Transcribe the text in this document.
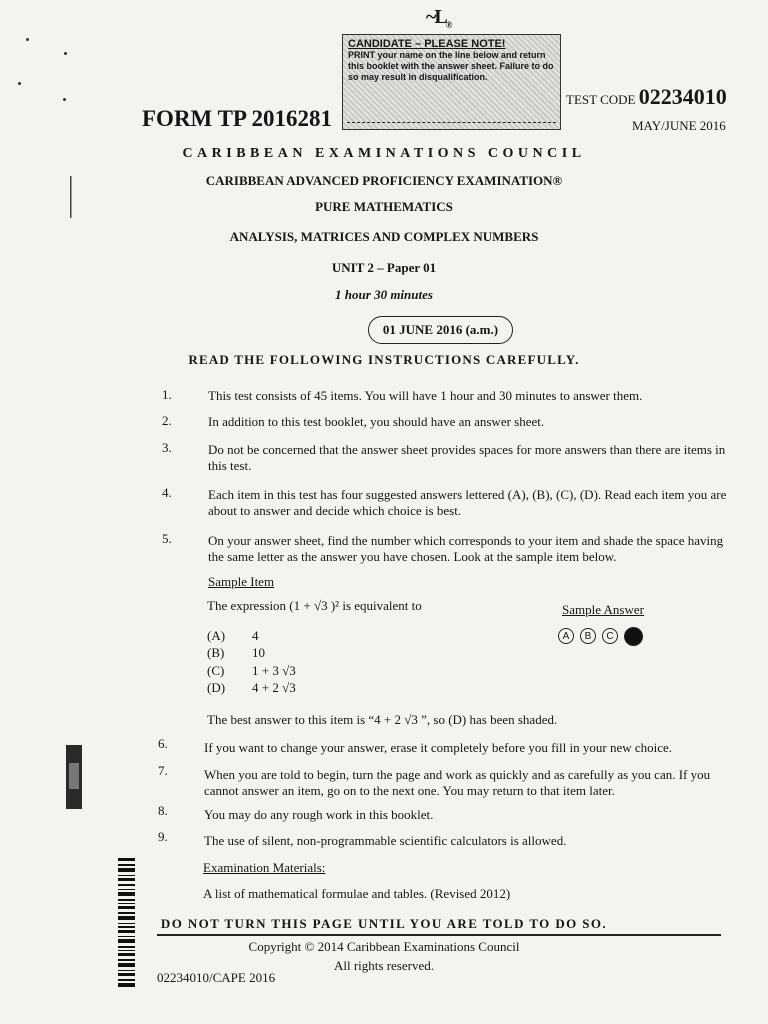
$\sim L_®$
CANDIDATE – PLEASE NOTE!
PRINT your name on the line below and return this booklet with the answer sheet. Failure to do so may result in disqualification.
FORM TP 2016281
TEST CODE 02234010
MAY/JUNE 2016
CARIBBEAN EXAMINATIONS COUNCIL
CARIBBEAN ADVANCED PROFICIENCY EXAMINATION®
PURE MATHEMATICS
ANALYSIS, MATRICES AND COMPLEX NUMBERS
UNIT 2 – Paper 01
1 hour 30 minutes
01 JUNE 2016 (a.m.)
READ THE FOLLOWING INSTRUCTIONS CAREFULLY.
1.	This test consists of 45 items. You will have 1 hour and 30 minutes to answer them.
2.	In addition to this test booklet, you should have an answer sheet.
3.	Do not be concerned that the answer sheet provides spaces for more answers than there are items in this test.
4.	Each item in this test has four suggested answers lettered (A), (B), (C), (D). Read each item you are about to answer and decide which choice is best.
5.	On your answer sheet, find the number which corresponds to your item and shade the space having the same letter as the answer you have chosen. Look at the sample item below.
Sample Item
The expression (1 + √3 )² is equivalent to	Sample Answer
A	B	C	D
(A) 4
(B) 10
(C) 1 + 3 √3
(D) 4 + 2 √3
The best answer to this item is “4 + 2 √3 ”, so (D) has been shaded.
6.	If you want to change your answer, erase it completely before you fill in your new choice.
7.	When you are told to begin, turn the page and work as quickly and as carefully as you can. If you cannot answer an item, go on to the next one. You may return to that item later.
8.	You may do any rough work in this booklet.
9.	The use of silent, non-programmable scientific calculators is allowed.
Examination Materials:
A list of mathematical formulae and tables. (Revised 2012)
DO NOT TURN THIS PAGE UNTIL YOU ARE TOLD TO DO SO.
Copyright © 2014 Caribbean Examinations Council
All rights reserved.
02234010/CAPE 2016
